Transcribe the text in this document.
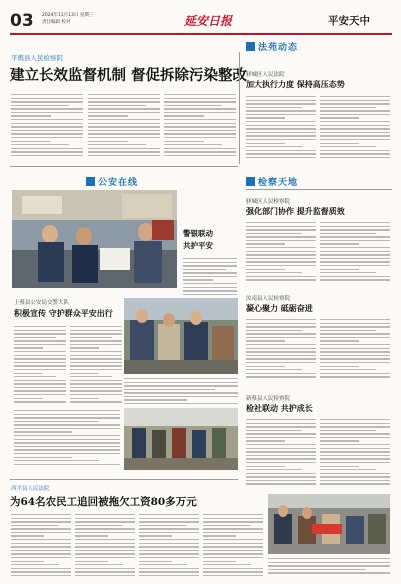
03 2024年11月13日 星期三
责任编辑 校对	延安日报	平安天中
平舆县人民检察院
建立长效监督机制 督促拆除污染整改
法苑动态
驿城区人民法院
加大执行力度 保持高压态势
检察天地
驿城区人民检察院
强化部门协作 提升监督质效
汝南县人民检察院
凝心聚力 砥砺奋进
新蔡县人民检察院
检社联动 共护成长
公安在线
警银联动
共护平安
上蔡县公安局交警大队
积极宣传 守护群众平安出行
西平县人民法院
为64名农民工追回被拖欠工资80多万元
